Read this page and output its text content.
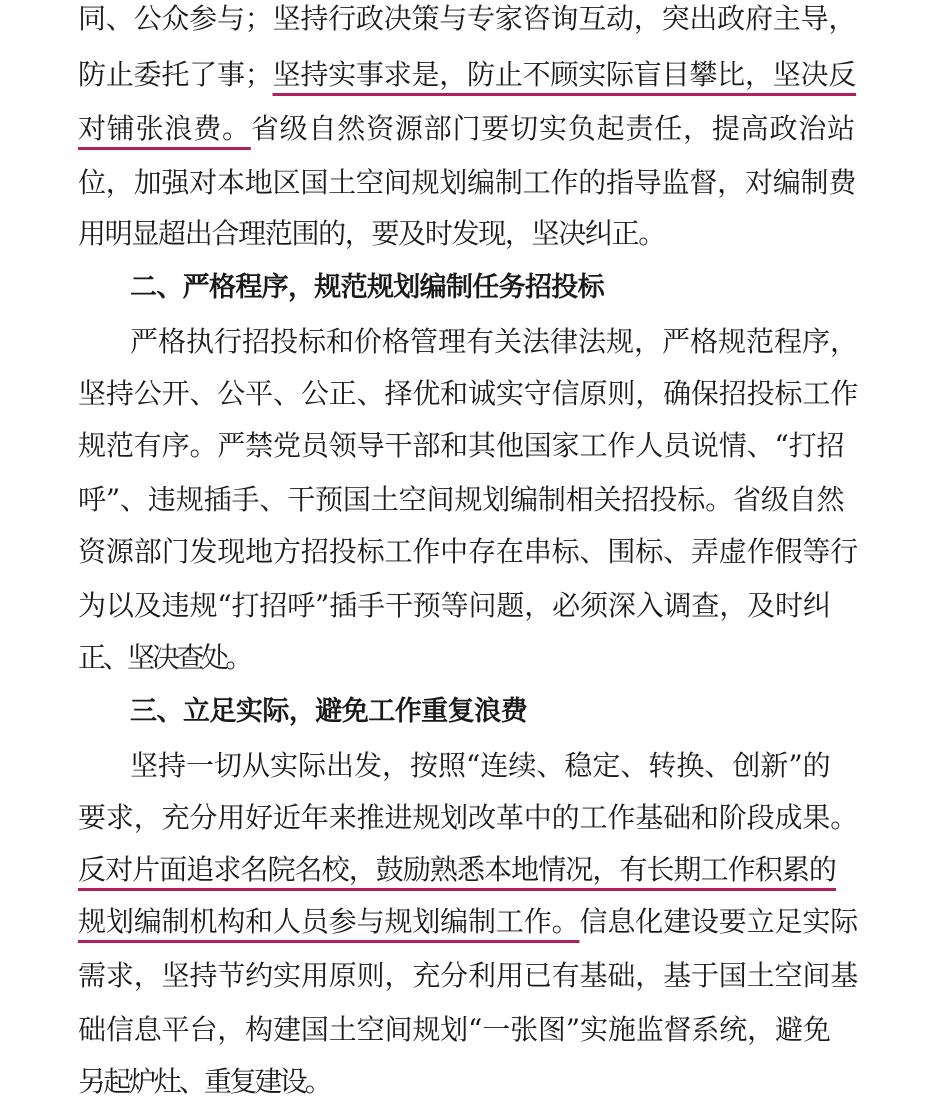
同、公众参与；坚持行政决策与专家咨询互动，突出政府主导，
防止委托了事；坚持实事求是，防止不顾实际盲目攀比，坚决反
对铺张浪费。省级自然资源部门要切实负起责任，提高政治站
位，加强对本地区国土空间规划编制工作的指导监督，对编制费
用明显超出合理范围的，要及时发现，坚决纠正。
二、严格程序，规范规划编制任务招投标
严格执行招投标和价格管理有关法律法规，严格规范程序，
坚持公开、公平、公正、择优和诚实守信原则，确保招投标工作
规范有序。严禁党员领导干部和其他国家工作人员说情、“打招
呼”、违规插手、干预国土空间规划编制相关招投标。省级自然
资源部门发现地方招投标工作中存在串标、围标、弄虚作假等行
为以及违规“打招呼”插手干预等问题，必须深入调查，及时纠
正、坚决查处。
三、立足实际，避免工作重复浪费
坚持一切从实际出发，按照“连续、稳定、转换、创新”的
要求，充分用好近年来推进规划改革中的工作基础和阶段成果。
反对片面追求名院名校，鼓励熟悉本地情况，有长期工作积累的
规划编制机构和人员参与规划编制工作。信息化建设要立足实际
需求，坚持节约实用原则，充分利用已有基础，基于国土空间基
础信息平台，构建国土空间规划“一张图”实施监督系统，避免
另起炉灶、重复建设。
